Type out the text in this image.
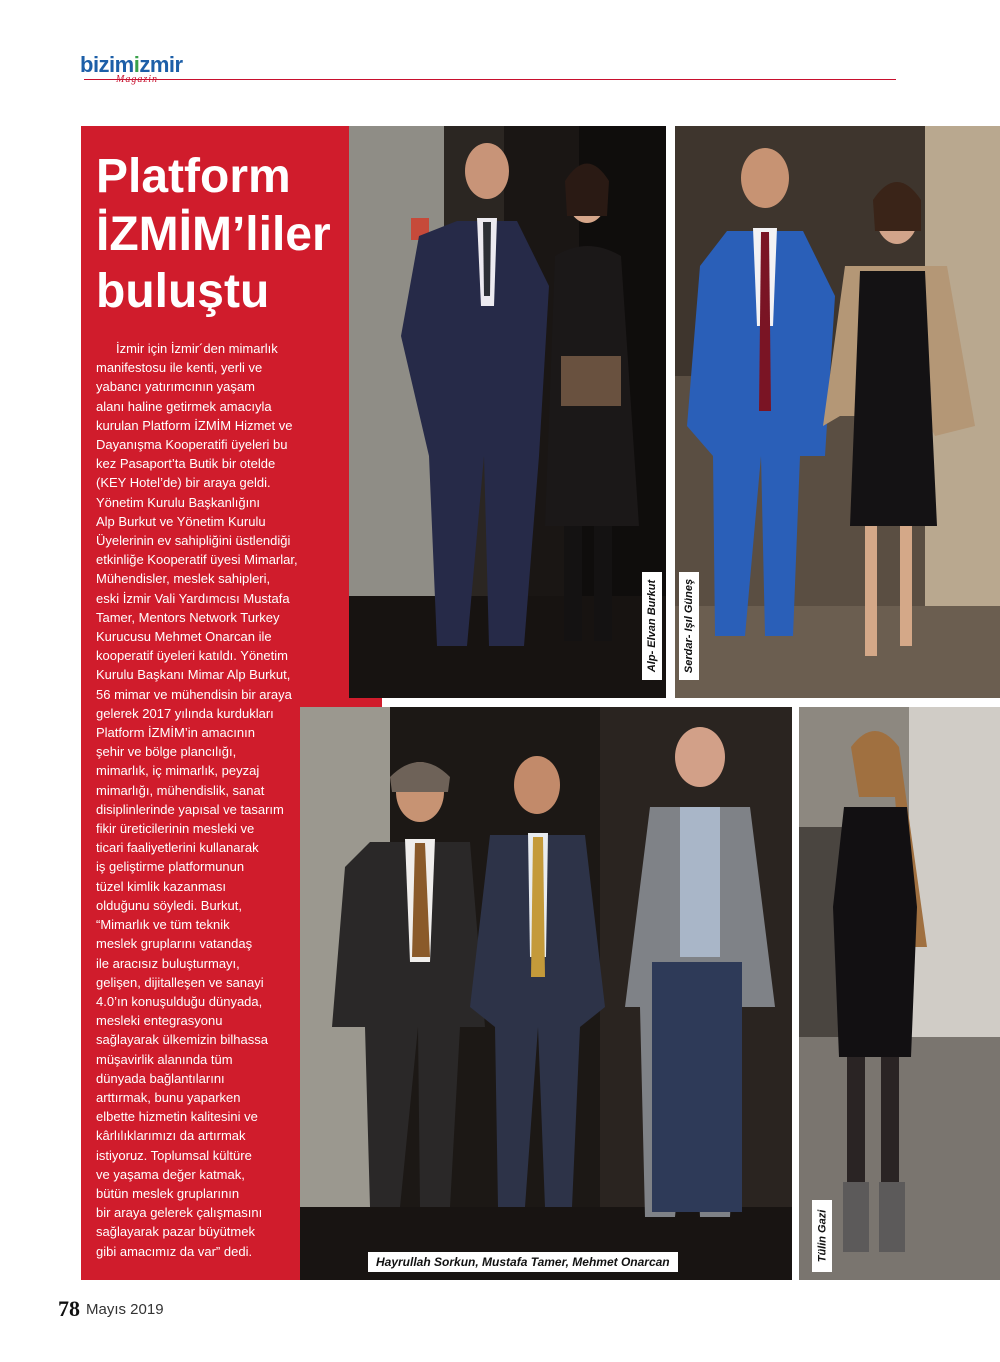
bizimizmir
Platform
İZMİM’liler
buluştu
İzmir için İzmir´den mimarlık
manifestosu ile kenti, yerli ve
yabancı yatırımcının yaşam
alanı haline getirmek amacıyla
kurulan Platform İZMİM Hizmet ve
Dayanışma Kooperatifi üyeleri bu
kez Pasaport’ta Butik bir otelde
(KEY Hotel’de) bir araya geldi.
Yönetim Kurulu Başkanlığını
Alp Burkut ve Yönetim Kurulu
Üyelerinin ev sahipliğini üstlendiği
etkinliğe Kooperatif üyesi Mimarlar,
Mühendisler, meslek sahipleri,
eski İzmir Vali Yardımcısı Mustafa
Tamer, Mentors Network Turkey
Kurucusu Mehmet Onarcan ile
kooperatif üyeleri katıldı. Yönetim
Kurulu Başkanı Mimar Alp Burkut,
56 mimar ve mühendisin bir araya
gelerek 2017 yılında kurdukları
Platform İZMİM’in amacının
şehir ve bölge plancılığı,
mimarlık, iç mimarlık, peyzaj
mimarlığı, mühendislik, sanat
disiplinlerinde yapısal ve tasarım
fikir üreticilerinin mesleki ve
ticari faaliyetlerini kullanarak
iş geliştirme platformunun
tüzel kimlik kazanması
olduğunu söyledi. Burkut,
“Mimarlık ve tüm teknik
meslek gruplarını vatandaş
ile aracısız buluşturmayı,
gelişen, dijitalleşen ve sanayi
4.0’ın konuşulduğu dünyada,
mesleki entegrasyonu
sağlayarak ülkemizin bilhassa
müşavirlik alanında tüm
dünyada bağlantılarını
arttırmak, bunu yaparken
elbette hizmetin kalitesini ve
kârlılıklarımızı da artırmak
istiyoruz. Toplumsal kültüre
ve yaşama değer katmak,
bütün meslek gruplarının
bir araya gelerek çalışmasını
sağlayarak pazar büyütmek
gibi amacımız da var” dedi.
Alp- Elvan Burkut Serdar- Işıl Güneş
Hayrullah Sorkun, Mustafa Tamer, Mehmet Onarcan	Tülin Gazi
78 Mayıs 2019
